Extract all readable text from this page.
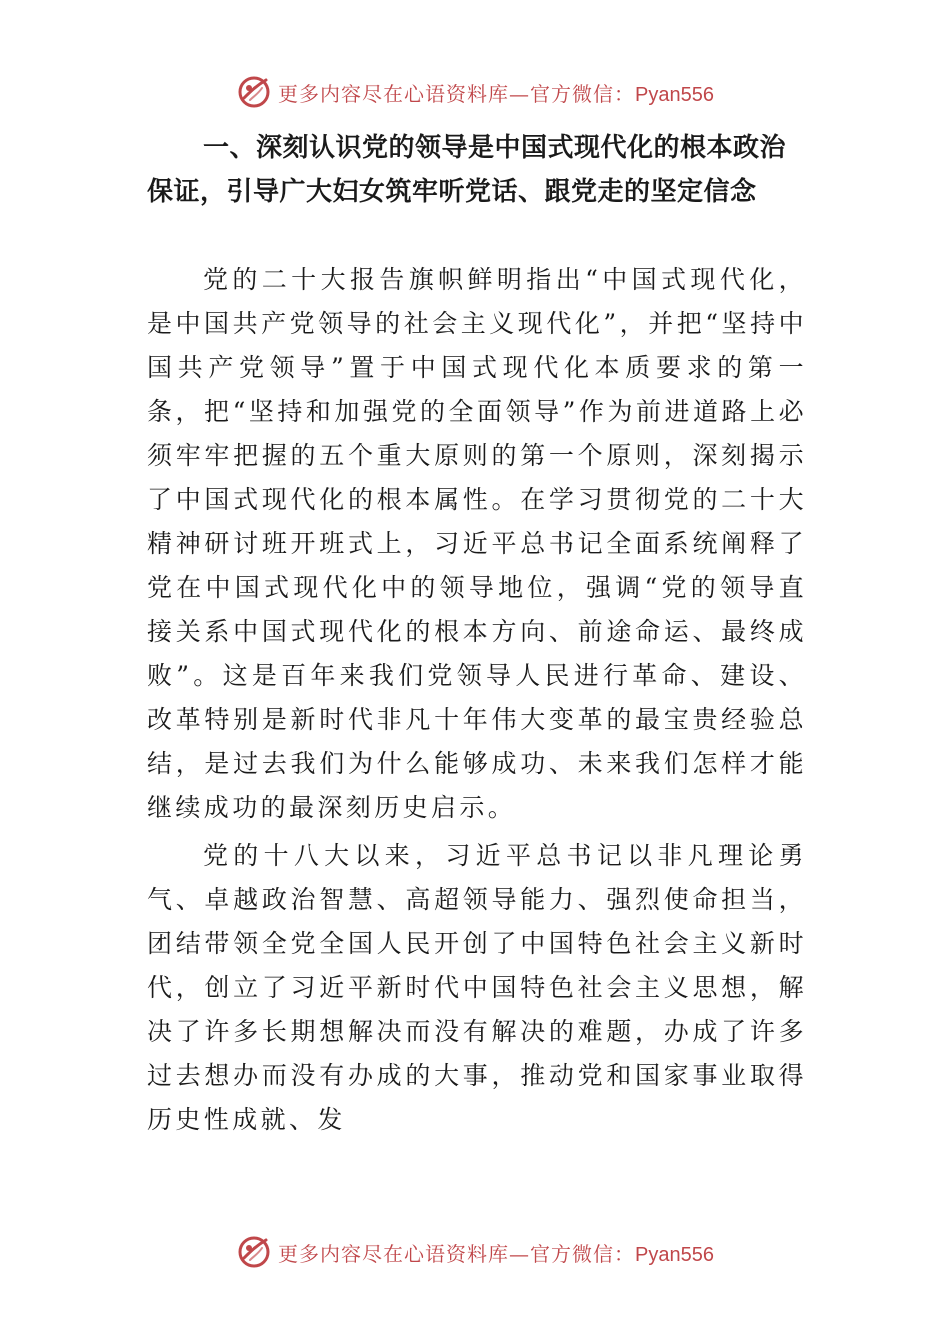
更多内容尽在心语资料库—官方微信：Pyan556
一、深刻认识党的领导是中国式现代化的根本政治保证，引导广大妇女筑牢听党话、跟党走的坚定信念

党的二十大报告旗帜鲜明指出“中国式现代化，是中国共产党领导的社会主义现代化”，并把“坚持中国共产党领导”置于中国式现代化本质要求的第一条，把“坚持和加强党的全面领导”作为前进道路上必须牢牢把握的五个重大原则的第一个原则，深刻揭示了中国式现代化的根本属性。在学习贯彻党的二十大精神研讨班开班式上，习近平总书记全面系统阐释了党在中国式现代化中的领导地位，强调“党的领导直接关系中国式现代化的根本方向、前途命运、最终成败”。这是百年来我们党领导人民进行革命、建设、改革特别是新时代非凡十年伟大变革的最宝贵经验总结，是过去我们为什么能够成功、未来我们怎样才能继续成功的最深刻历史启示。

党的十八大以来，习近平总书记以非凡理论勇气、卓越政治智慧、高超领导能力、强烈使命担当，团结带领全党全国人民开创了中国特色社会主义新时代，创立了习近平新时代中国特色社会主义思想，解决了许多长期想解决而没有解决的难题，办成了许多过去想办而没有办成的大事，推动党和国家事业取得历史性成就、发

更多内容尽在心语资料库—官方微信：Pyan556
